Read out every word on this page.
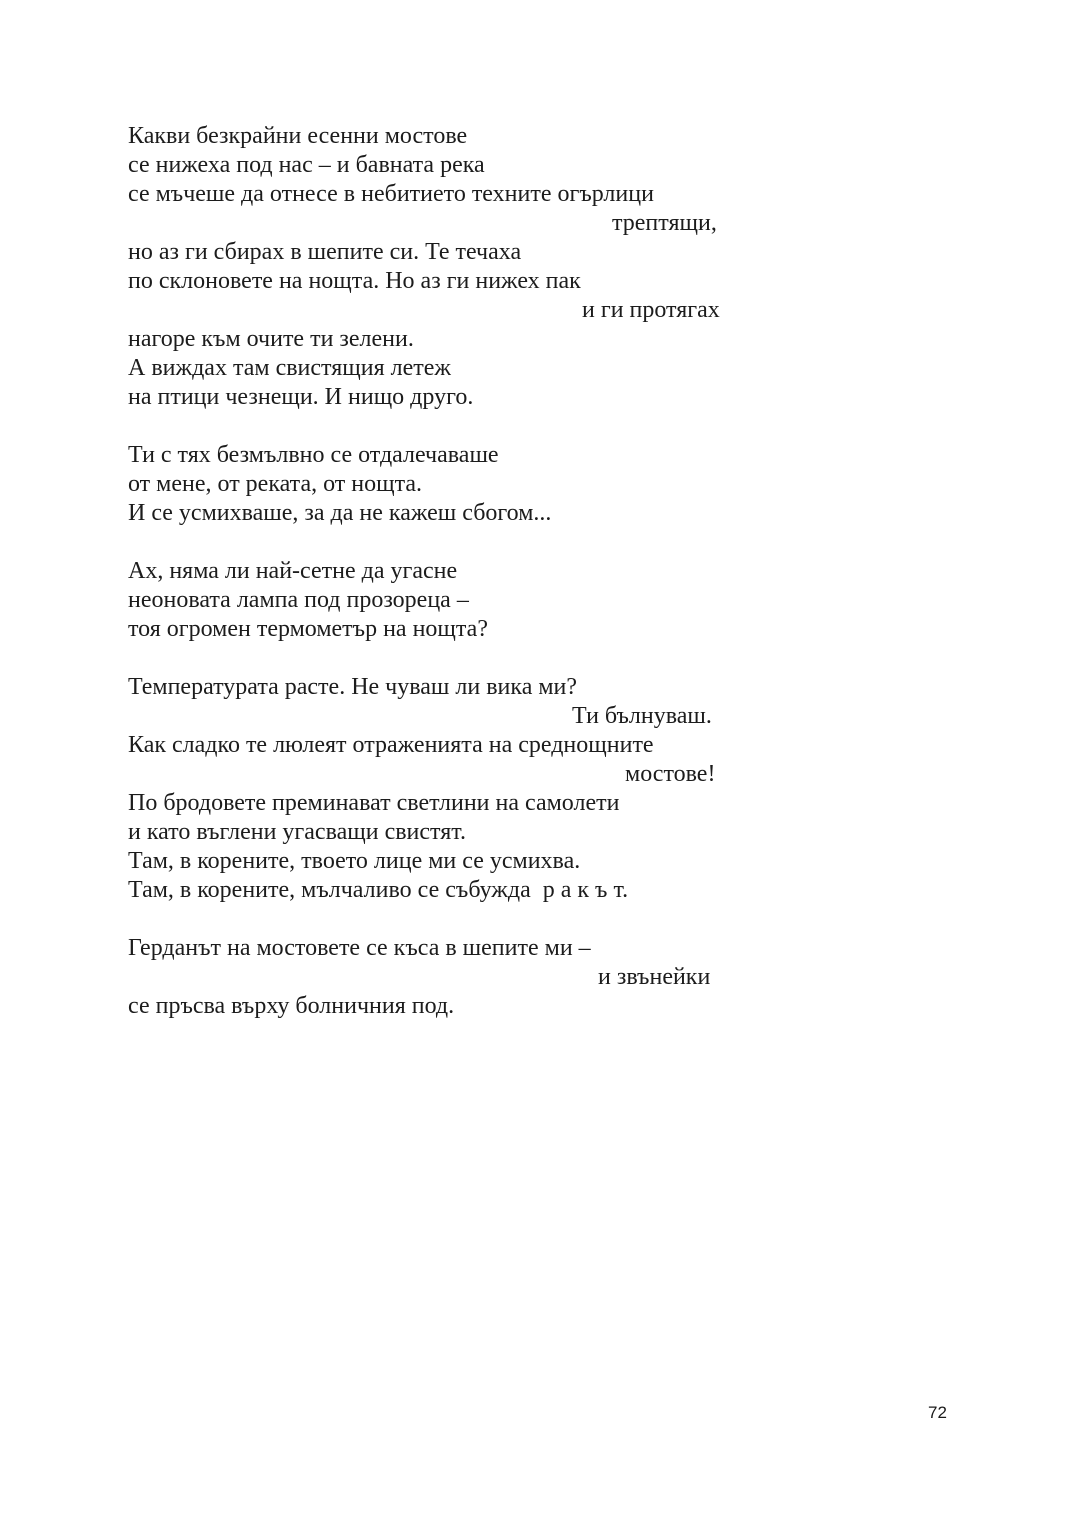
Какви безкрайни есенни мостове
се нижеха под нас – и бавната река
се мъчеше да отнесе в небитието техните огърлици
трептящи,
но аз ги сбирах в шепите си. Те течаха
по склоновете на нощта. Но аз ги нижех пак
и ги протягах
нагоре към очите ти зелени.
А виждах там свистящия летеж
на птици чезнещи. И нищо друго.

Ти с тях безмълвно се отдалечаваше
от мене, от реката, от нощта.
И се усмихваше, за да не кажеш сбогом...

Ах, няма ли най-сетне да угасне
неоновата лампа под прозореца –
тоя огромен термометър на нощта?

Температурата расте. Не чуваш ли вика ми?
Ти бълнуваш.
Как сладко те люлеят отраженията на среднощните
мостове!
По бродовете преминават светлини на самолети
и като въглени угасващи свистят.
Там, в корените, твоето лице ми се усмихва.
Там, в корените, мълчаливо се събужда  р а к ъ т.

Герданът на мостовете се къса в шепите ми –
и звънейки
се пръсва върху болничния под.
72
